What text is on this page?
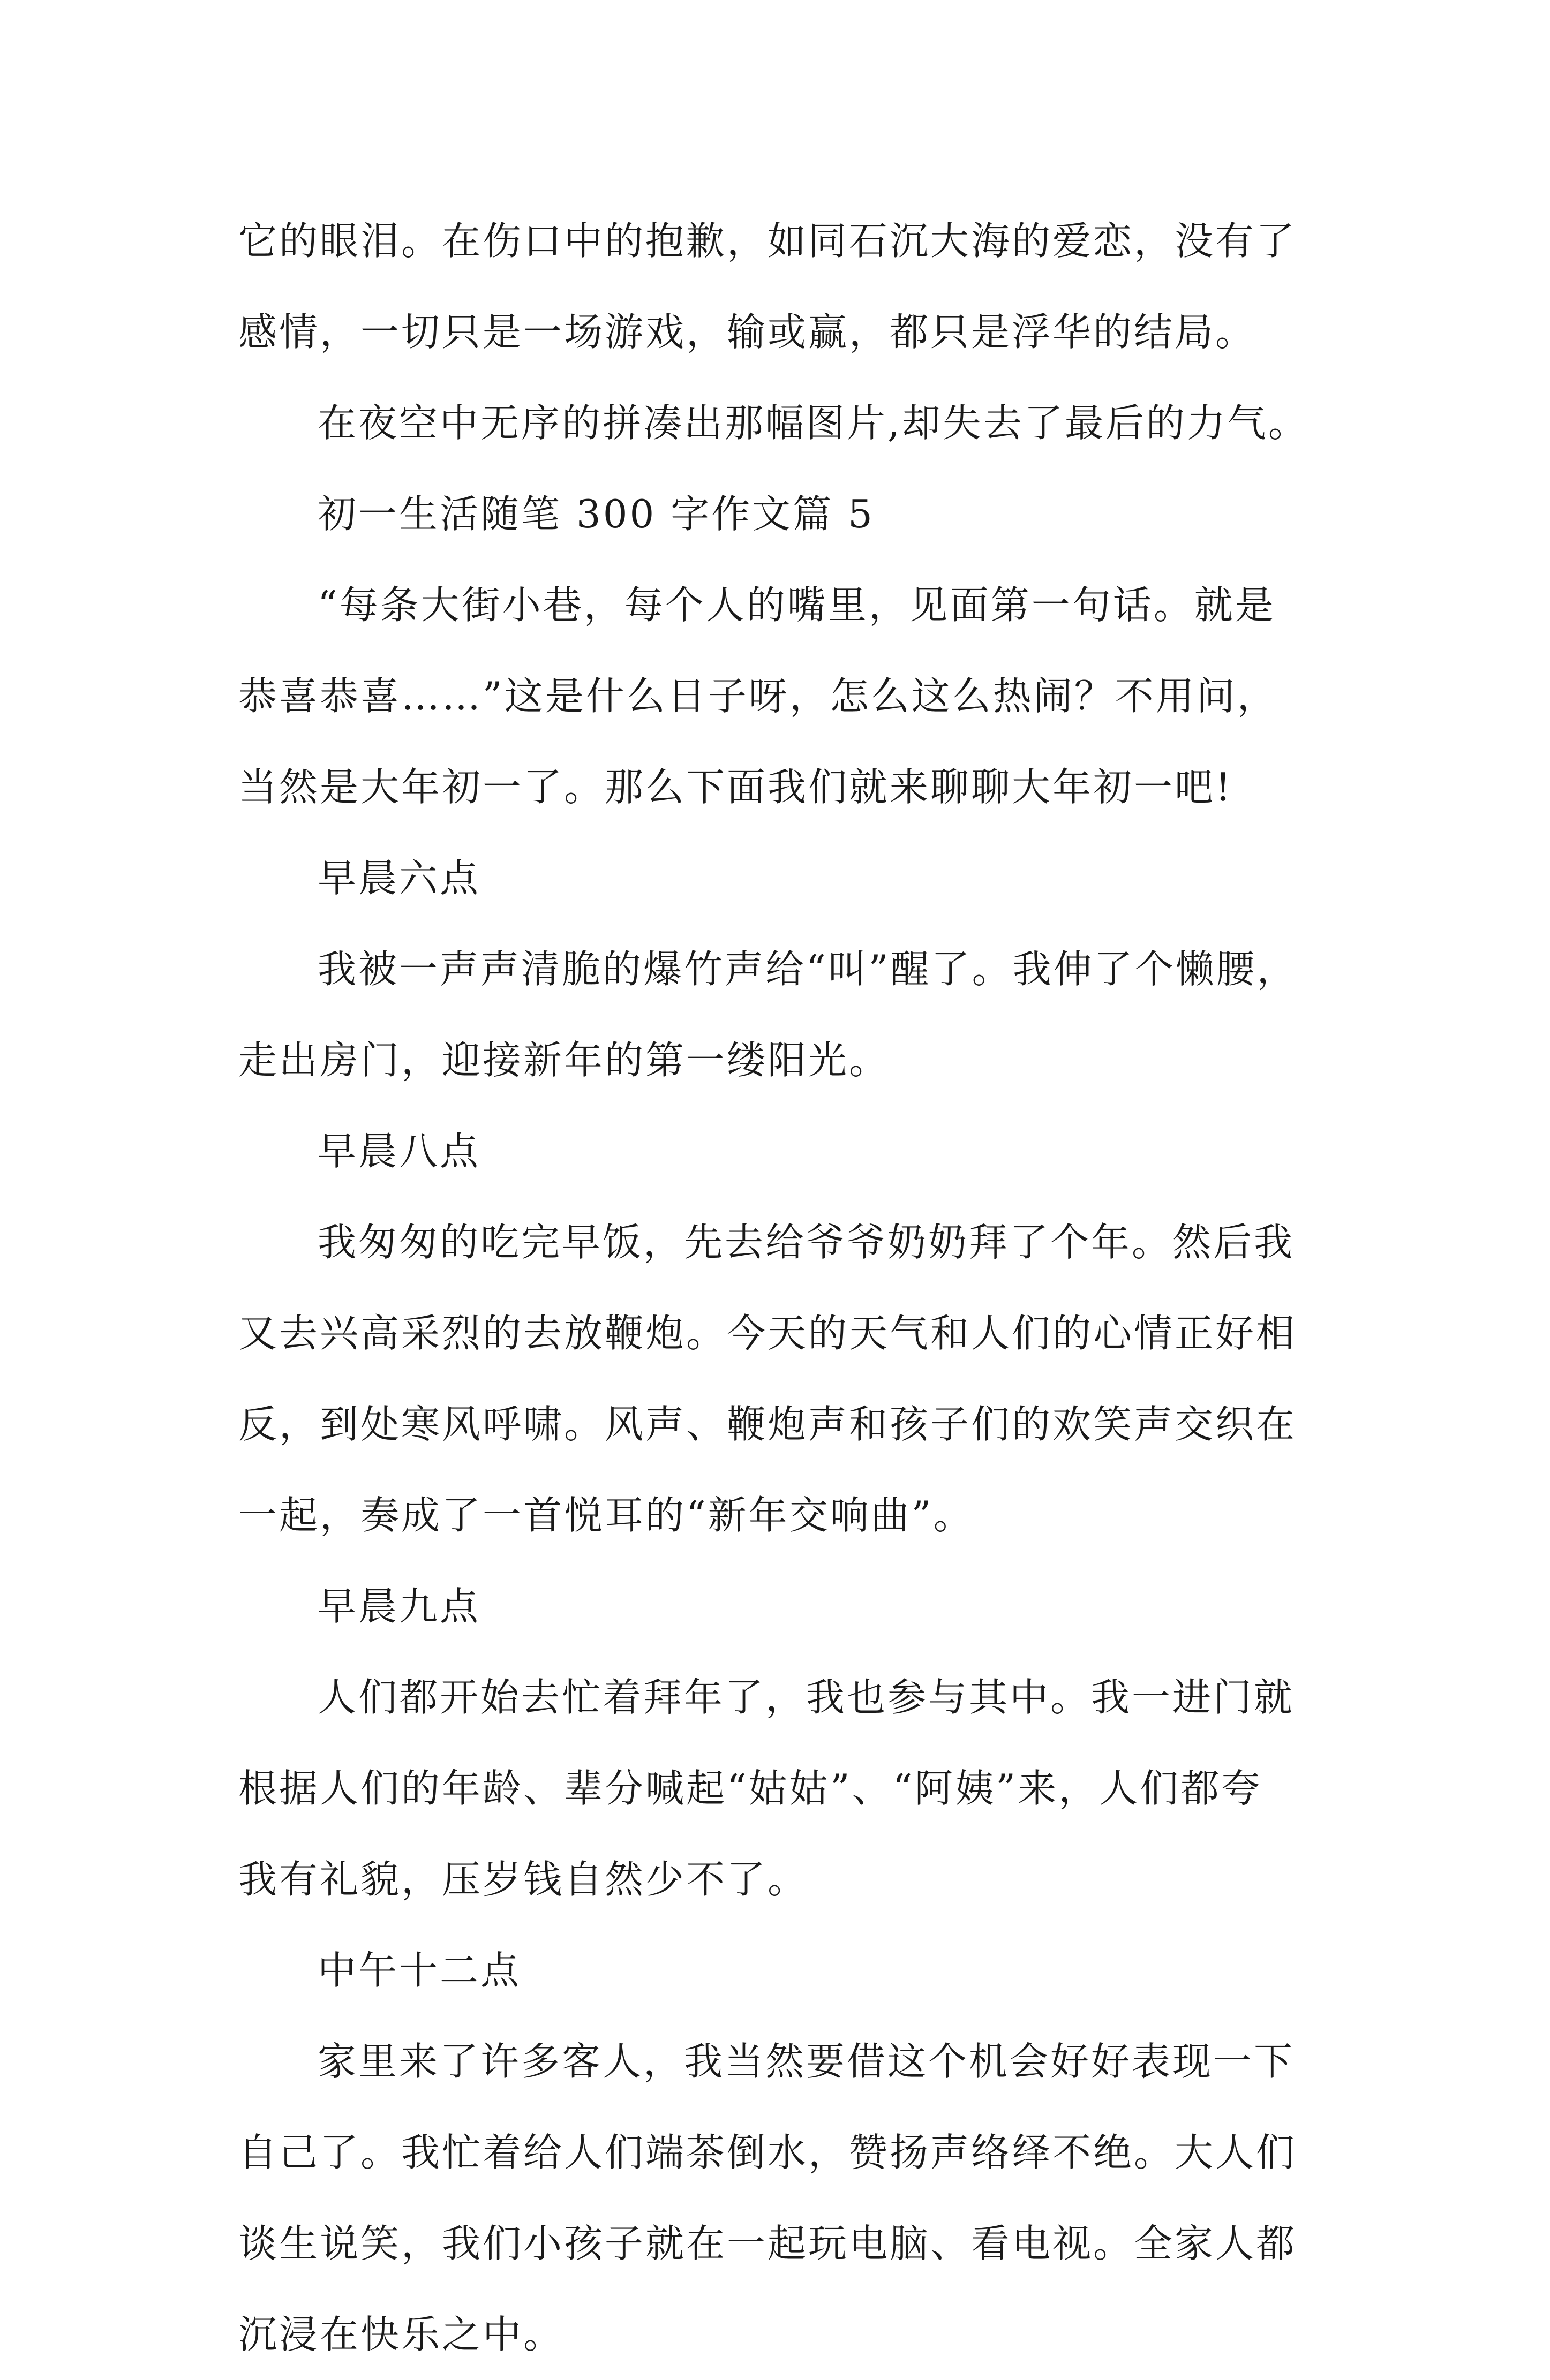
它的眼泪。在伤口中的抱歉，如同石沉大海的爱恋，没有了
感情，一切只是一场游戏，输或赢，都只是浮华的结局。
在夜空中无序的拼凑出那幅图片,却失去了最后的力气。
初一生活随笔 300 字作文篇 5
“每条大街小巷，每个人的嘴里，见面第一句话。就是
恭喜恭喜……”这是什么日子呀，怎么这么热闹？不用问，
当然是大年初一了。那么下面我们就来聊聊大年初一吧!
早晨六点
我被一声声清脆的爆竹声给“叫”醒了。我伸了个懒腰，
走出房门，迎接新年的第一缕阳光。
早晨八点
我匆匆的吃完早饭，先去给爷爷奶奶拜了个年。然后我
又去兴高采烈的去放鞭炮。今天的天气和人们的心情正好相
反，到处寒风呼啸。风声、鞭炮声和孩子们的欢笑声交织在
一起，奏成了一首悦耳的“新年交响曲”。
早晨九点
人们都开始去忙着拜年了，我也参与其中。我一进门就
根据人们的年龄、辈分喊起“姑姑”、“阿姨”来，人们都夸
我有礼貌，压岁钱自然少不了。
中午十二点
家里来了许多客人，我当然要借这个机会好好表现一下
自己了。我忙着给人们端茶倒水，赞扬声络绎不绝。大人们
谈生说笑，我们小孩子就在一起玩电脑、看电视。全家人都
沉浸在快乐之中。
